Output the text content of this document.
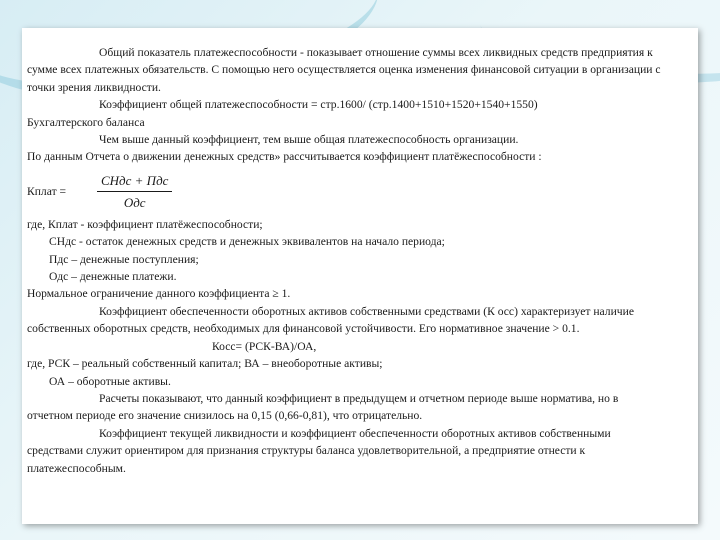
Общий показатель платежеспособности - показывает отношение суммы всех ликвидных средств предприятия к сумме всех платежных обязательств. С помощью него осуществляется оценка изменения финансовой ситуации в организации с точки зрения ликвидности.

Коэффициент общей платежеспособности = стр.1600/ (стр.1400+1510+1520+1540+1550)

Бухгалтерского баланса

Чем выше данный коэффициент, тем выше общая платежеспособность организации.

По данным Отчета о движении денежных средств» рассчитывается коэффициент платёжеспособности :

Кплат =	$\frac{\text{СНдс + Пдс}}{\text{Одс}}$

где, Кплат - коэффициент платёжеспособности;

СНдс - остаток денежных средств и денежных эквивалентов на начало периода;

Пдс – денежные поступления;

Одс – денежные платежи.

Нормальное ограничение данного коэффициента ≥ 1.

Коэффициент обеспеченности оборотных активов собственными средствами (К осс) характеризует наличие собственных оборотных средств, необходимых для финансовой устойчивости. Его нормативное значение > 0.1.

Косс= (РСК-ВА)/ОА,

где, РСК – реальный собственный капитал; ВА – внеоборотные активы;

ОА – оборотные активы.

Расчеты показывают, что данный коэффициент в предыдущем и отчетном периоде выше норматива, но в отчетном периоде его значение снизилось на 0,15 (0,66-0,81), что отрицательно.

Коэффициент текущей ликвидности и коэффициент обеспеченности оборотных активов собственными средствами служит ориентиром для признания структуры баланса удовлетворительной, а предприятие отнести к платежеспособным.
